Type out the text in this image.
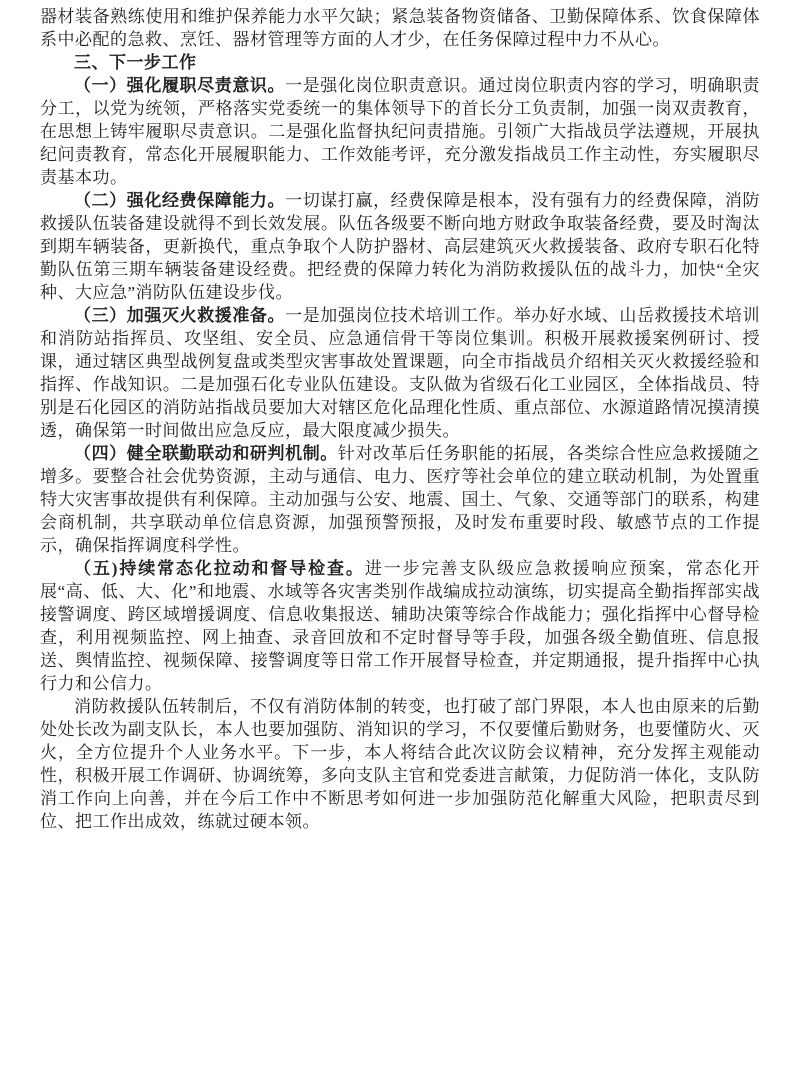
器材装备熟练使用和维护保养能力水平欠缺；紧急装备物资储备、卫勤保障体系、饮食保障体系中必配的急救、烹饪、器材管理等方面的人才少，在任务保障过程中力不从心。

三、下一步工作

（一）强化履职尽责意识。一是强化岗位职责意识。通过岗位职责内容的学习，明确职责分工，以党为统领，严格落实党委统一的集体领导下的首长分工负责制，加强一岗双责教育，在思想上铸牢履职尽责意识。二是强化监督执纪问责措施。引领广大指战员学法遵规，开展执纪问责教育，常态化开展履职能力、工作效能考评，充分激发指战员工作主动性，夯实履职尽责基本功。

（二）强化经费保障能力。一切谋打赢，经费保障是根本，没有强有力的经费保障，消防救援队伍装备建设就得不到长效发展。队伍各级要不断向地方财政争取装备经费，要及时淘汰到期车辆装备，更新换代，重点争取个人防护器材、高层建筑灭火救援装备、政府专职石化特勤队伍第三期车辆装备建设经费。把经费的保障力转化为消防救援队伍的战斗力，加快“全灾种、大应急”消防队伍建设步伐。

（三）加强灭火救援准备。一是加强岗位技术培训工作。举办好水域、山岳救援技术培训和消防站指挥员、攻坚组、安全员、应急通信骨干等岗位集训。积极开展救援案例研讨、授课，通过辖区典型战例复盘或类型灾害事故处置课题，向全市指战员介绍相关灭火救援经验和指挥、作战知识。二是加强石化专业队伍建设。支队做为省级石化工业园区，全体指战员、特别是石化园区的消防站指战员要加大对辖区危化品理化性质、重点部位、水源道路情况摸清摸透，确保第一时间做出应急反应，最大限度减少损失。

（四）健全联勤联动和研判机制。针对改革后任务职能的拓展，各类综合性应急救援随之增多。要整合社会优势资源，主动与通信、电力、医疗等社会单位的建立联动机制，为处置重特大灾害事故提供有利保障。主动加强与公安、地震、国土、气象、交通等部门的联系，构建会商机制，共享联动单位信息资源，加强预警预报，及时发布重要时段、敏感节点的工作提示，确保指挥调度科学性。

（五)持续常态化拉动和督导检查。进一步完善支队级应急救援响应预案，常态化开展“高、低、大、化”和地震、水域等各灾害类别作战编成拉动演练，切实提高全勤指挥部实战接警调度、跨区域增援调度、信息收集报送、辅助决策等综合作战能力；强化指挥中心督导检查，利用视频监控、网上抽查、录音回放和不定时督导等手段，加强各级全勤值班、信息报送、舆情监控、视频保障、接警调度等日常工作开展督导检查，并定期通报，提升指挥中心执行力和公信力。

消防救援队伍转制后，不仅有消防体制的转变，也打破了部门界限，本人也由原来的后勤处处长改为副支队长，本人也要加强防、消知识的学习，不仅要懂后勤财务，也要懂防火、灭火，全方位提升个人业务水平。下一步，本人将结合此次议防会议精神，充分发挥主观能动性，积极开展工作调研、协调统筹，多向支队主官和党委进言献策，力促防消一体化，支队防消工作向上向善，并在今后工作中不断思考如何进一步加强防范化解重大风险，把职责尽到位、把工作出成效，练就过硬本领。
